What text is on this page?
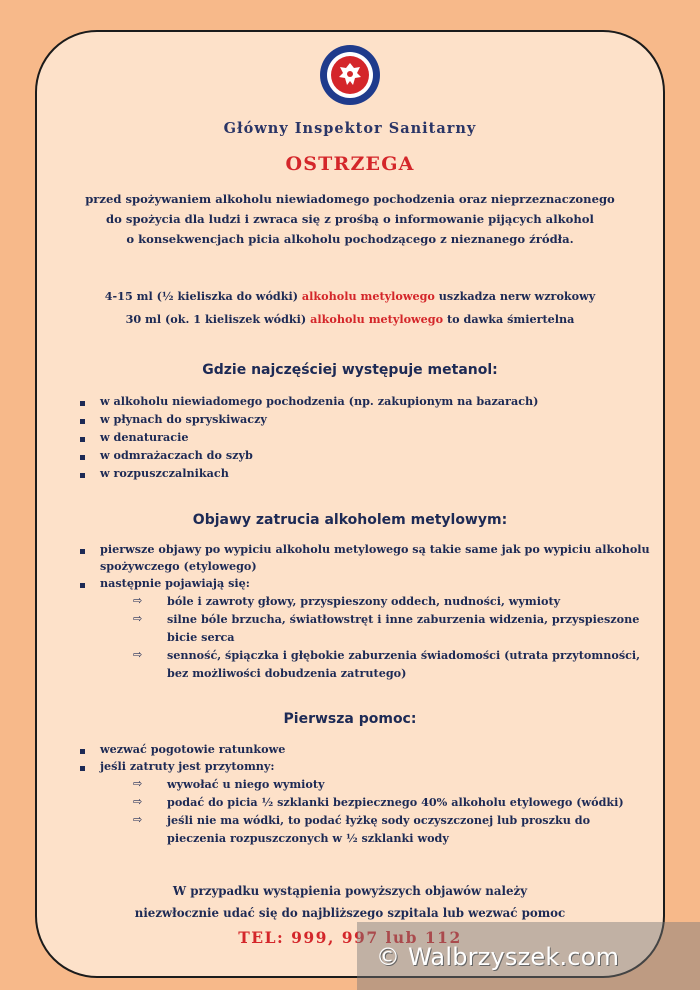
Główny Inspektor Sanitarny
OSTRZEGA
przed spożywaniem alkoholu niewiadomego pochodzenia oraz nieprzeznaczonego
do spożycia dla ludzi i zwraca się z prośbą o informowanie pijących alkohol
o konsekwencjach picia alkoholu pochodzącego z nieznanego źródła.
4-15 ml (½ kieliszka do wódki) alkoholu metylowego uszkadza nerw wzrokowy
30 ml (ok. 1 kieliszek wódki) alkoholu metylowego to dawka śmiertelna
Gdzie najczęściej występuje metanol:
w alkoholu niewiadomego pochodzenia (np. zakupionym na bazarach)
w płynach do spryskiwaczy
w denaturacie
w odmrażaczach do szyb
w rozpuszczalnikach
Objawy zatrucia alkoholem metylowym:
pierwsze objawy po wypiciu alkoholu metylowego są takie same jak po wypiciu alkoholu
spożywczego (etylowego)
następnie pojawiają się:
⇨ bóle i zawroty głowy, przyspieszony oddech, nudności, wymioty
⇨ silne bóle brzucha, światłowstręt i inne zaburzenia widzenia, przyspieszone
bicie serca
⇨ senność, śpiączka i głębokie zaburzenia świadomości (utrata przytomności,
bez możliwości dobudzenia zatrutego)
Pierwsza pomoc:
wezwać pogotowie ratunkowe
jeśli zatruty jest przytomny:
⇨ wywołać u niego wymioty
⇨ podać do picia ½ szklanki bezpiecznego 40% alkoholu etylowego (wódki)
⇨ jeśli nie ma wódki, to podać łyżkę sody oczyszczonej lub proszku do
pieczenia rozpuszczonych w ½ szklanki wody
W przypadku wystąpienia powyższych objawów należy
niezwłocznie udać się do najbliższego szpitala lub wezwać pomoc
TEL: 999, 997 lub 112
© Walbrzyszek.com
